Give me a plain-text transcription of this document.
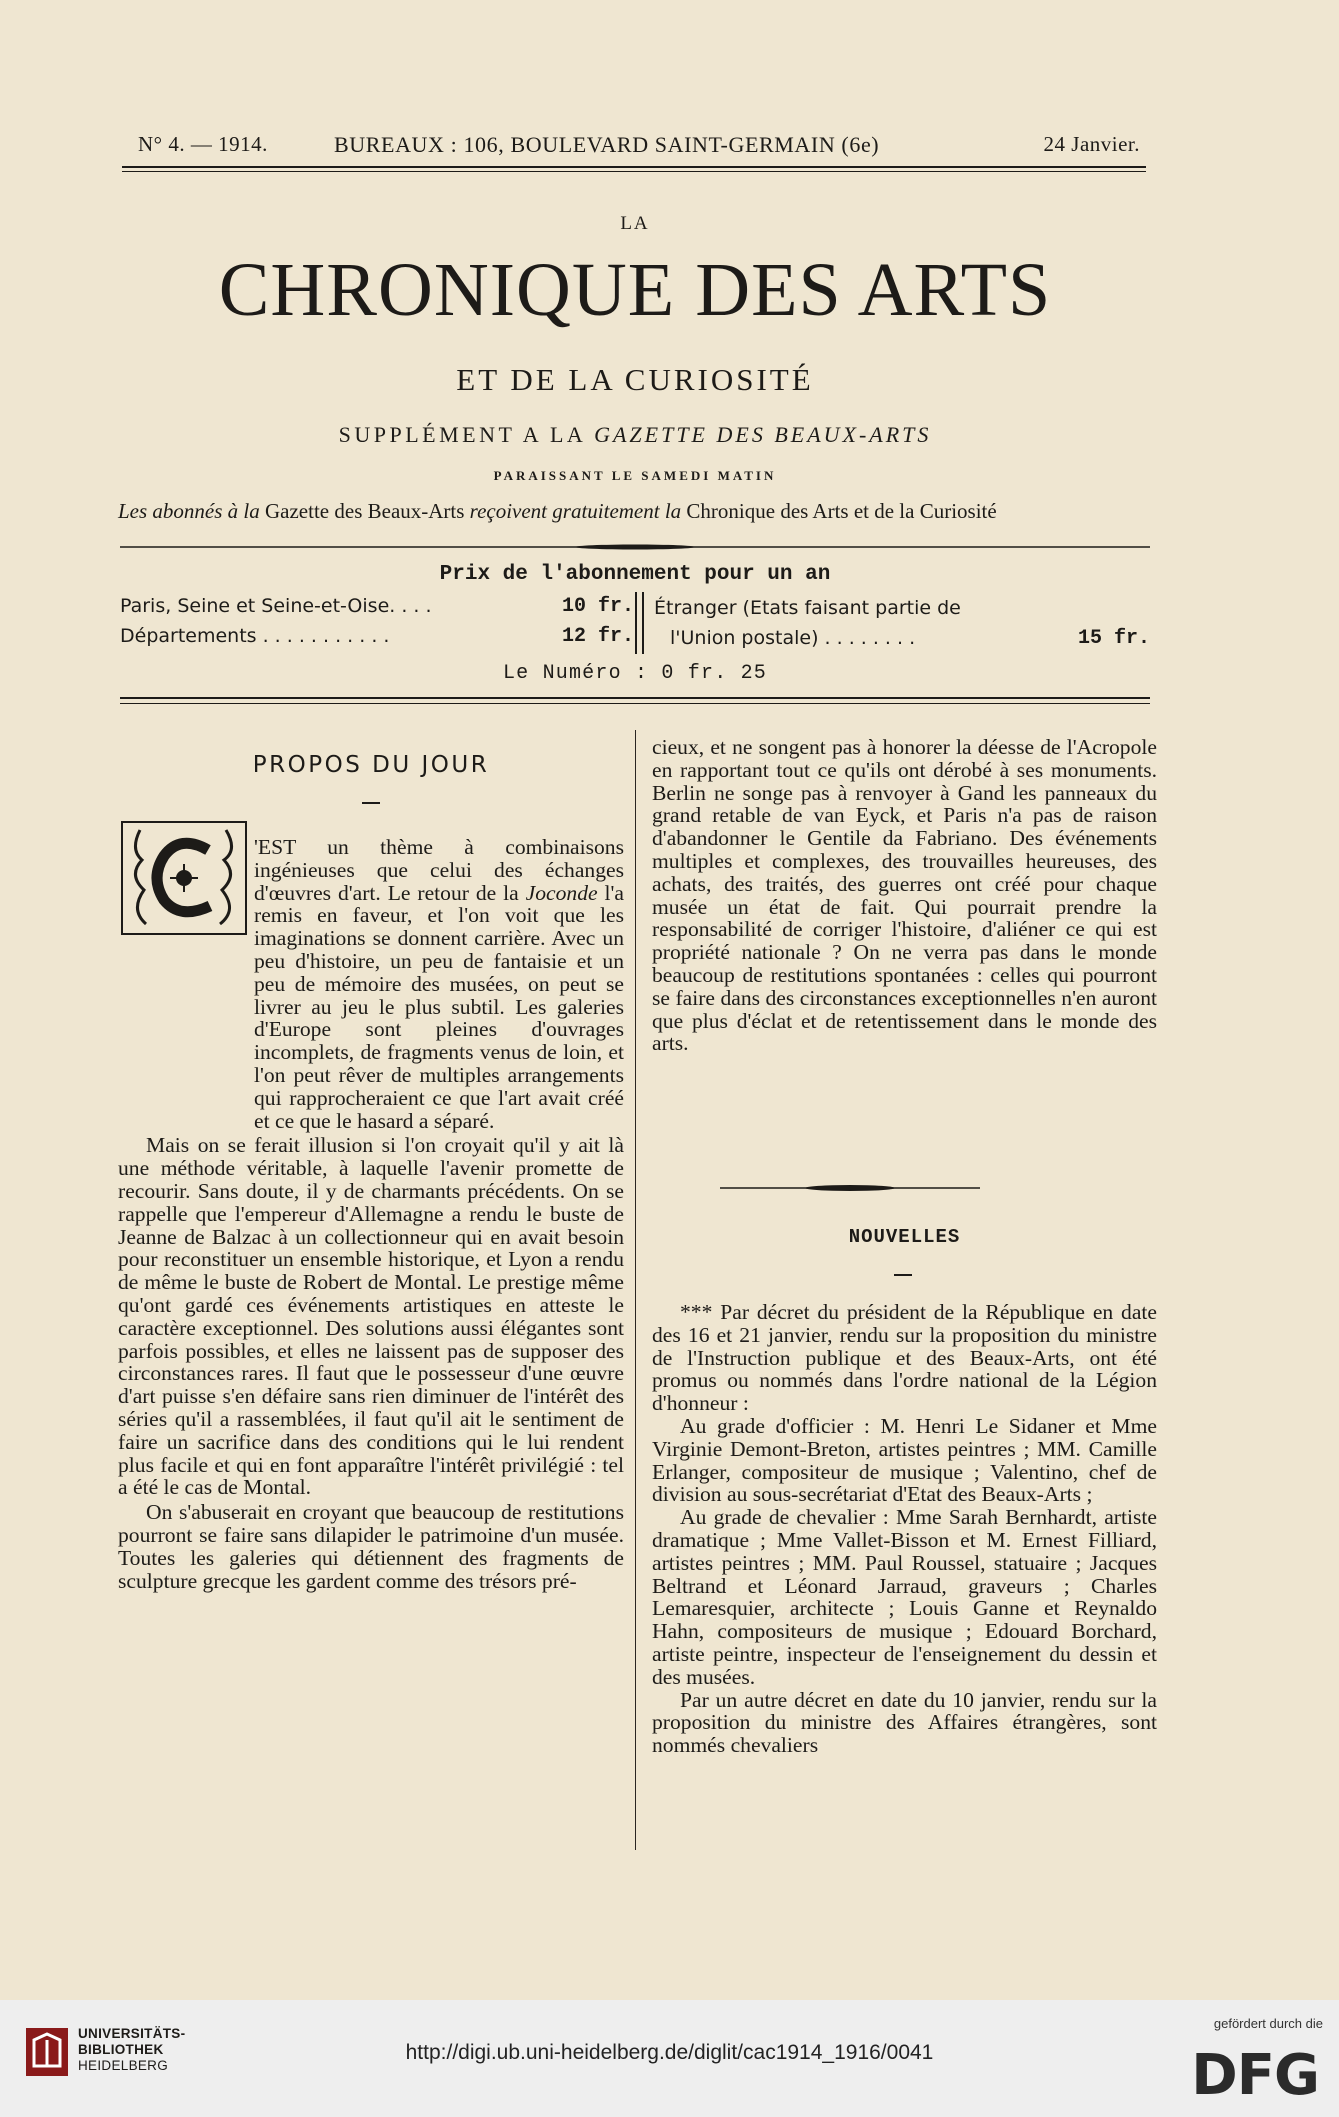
N° 4. — 1914.	BUREAUX : 106, BOULEVARD SAINT-GERMAIN (6e)	24 Janvier.
LA
CHRONIQUE DES ARTS
ET DE LA CURIOSITÉ
SUPPLÉMENT A LA GAZETTE DES BEAUX-ARTS
PARAISSANT LE SAMEDI MATIN
Les abonnés à la Gazette des Beaux-Arts reçoivent gratuitement la Chronique des Arts et de la Curiosité
Prix de l'abonnement pour un an
Paris, Seine et Seine-et-Oise. . . .	10 fr.
Départements . . . . . . . . . . .	12 fr.
Étranger (Etats faisant partie de
l'Union postale) . . . . . . . .	15 fr.
Le Numéro : 0 fr. 25
PROPOS DU JOUR

'EST un thème à combinaisons ingénieuses que celui des échanges d'œuvres d'art. Le retour de la Joconde l'a remis en faveur, et l'on voit que les imaginations se donnent carrière. Avec un peu d'histoire, un peu de fantaisie et un peu de mémoire des musées, on peut se livrer au jeu le plus subtil. Les galeries d'Europe sont pleines d'ouvrages incomplets, de fragments venus de loin, et l'on peut rêver de multiples arrangements qui rapprocheraient ce que l'art avait créé et ce que le hasard a séparé.

Mais on se ferait illusion si l'on croyait qu'il y ait là une méthode véritable, à laquelle l'avenir promette de recourir. Sans doute, il y de charmants précédents. On se rappelle que l'empereur d'Allemagne a rendu le buste de Jeanne de Balzac à un collectionneur qui en avait besoin pour reconstituer un ensemble historique, et Lyon a rendu de même le buste de Robert de Montal. Le prestige même qu'ont gardé ces événements artistiques en atteste le caractère exceptionnel. Des solutions aussi élégantes sont parfois possibles, et elles ne laissent pas de supposer des circonstances rares. Il faut que le possesseur d'une œuvre d'art puisse s'en défaire sans rien diminuer de l'intérêt des séries qu'il a rassemblées, il faut qu'il ait le sentiment de faire un sacrifice dans des conditions qui le lui rendent plus facile et qui en font apparaître l'intérêt privilégié : tel a été le cas de Montal.

On s'abuserait en croyant que beaucoup de restitutions pourront se faire sans dilapider le patrimoine d'un musée. Toutes les galeries qui détiennent des fragments de sculpture grecque les gardent comme des trésors pré-

cieux, et ne songent pas à honorer la déesse de l'Acropole en rapportant tout ce qu'ils ont dérobé à ses monuments. Berlin ne songe pas à renvoyer à Gand les panneaux du grand retable de van Eyck, et Paris n'a pas de raison d'abandonner le Gentile da Fabriano. Des événements multiples et complexes, des trouvailles heureuses, des achats, des traités, des guerres ont créé pour chaque musée un état de fait. Qui pourrait prendre la responsabilité de corriger l'histoire, d'aliéner ce qui est propriété nationale ? On ne verra pas dans le monde beaucoup de restitutions spontanées : celles qui pourront se faire dans des circonstances exceptionnelles n'en auront que plus d'éclat et de retentissement dans le monde des arts.

NOUVELLES

*** Par décret du président de la République en date des 16 et 21 janvier, rendu sur la proposition du ministre de l'Instruction publique et des Beaux-Arts, ont été promus ou nommés dans l'ordre national de la Légion d'honneur :

Au grade d'officier : M. Henri Le Sidaner et Mme Virginie Demont-Breton, artistes peintres ; MM. Camille Erlanger, compositeur de musique ; Valentino, chef de division au sous-secrétariat d'Etat des Beaux-Arts ;

Au grade de chevalier : Mme Sarah Bernhardt, artiste dramatique ; Mme Vallet-Bisson et M. Ernest Filliard, artistes peintres ; MM. Paul Roussel, statuaire ; Jacques Beltrand et Léonard Jarraud, graveurs ; Charles Lemaresquier, architecte ; Louis Ganne et Reynaldo Hahn, compositeurs de musique ; Edouard Borchard, artiste peintre, inspecteur de l'enseignement du dessin et des musées.

Par un autre décret en date du 10 janvier, rendu sur la proposition du ministre des Affaires étrangères, sont nommés chevaliers

UNIVERSITÄTS-
BIBLIOTHEK
HEIDELBERG
http://digi.ub.uni-heidelberg.de/diglit/cac1914_1916/0041
gefördert durch die
DFG
